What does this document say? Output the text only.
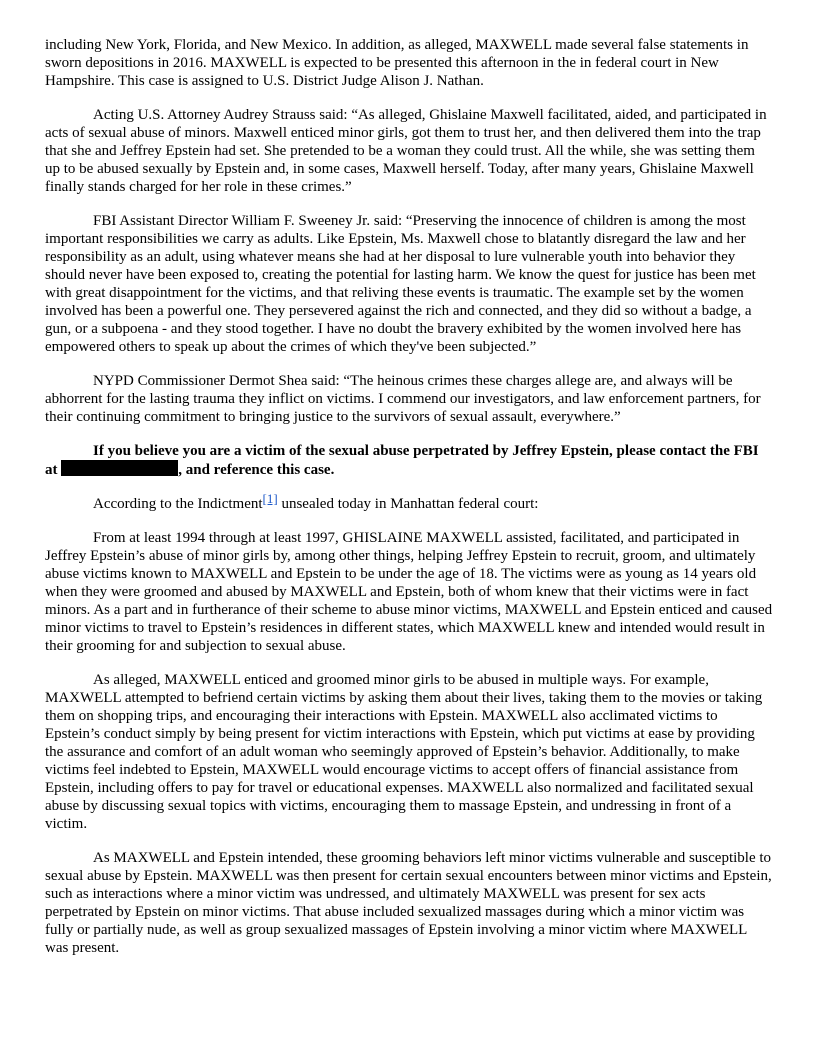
including New York, Florida, and New Mexico. In addition, as alleged, MAXWELL made several false statements in sworn depositions in 2016. MAXWELL is expected to be presented this afternoon in the in federal court in New Hampshire. This case is assigned to U.S. District Judge Alison J. Nathan.

Acting U.S. Attorney Audrey Strauss said: “As alleged, Ghislaine Maxwell facilitated, aided, and participated in acts of sexual abuse of minors. Maxwell enticed minor girls, got them to trust her, and then delivered them into the trap that she and Jeffrey Epstein had set. She pretended to be a woman they could trust. All the while, she was setting them up to be abused sexually by Epstein and, in some cases, Maxwell herself. Today, after many years, Ghislaine Maxwell finally stands charged for her role in these crimes.”

FBI Assistant Director William F. Sweeney Jr. said: “Preserving the innocence of children is among the most important responsibilities we carry as adults. Like Epstein, Ms. Maxwell chose to blatantly disregard the law and her responsibility as an adult, using whatever means she had at her disposal to lure vulnerable youth into behavior they should never have been exposed to, creating the potential for lasting harm. We know the quest for justice has been met with great disappointment for the victims, and that reliving these events is traumatic. The example set by the women involved has been a powerful one. They persevered against the rich and connected, and they did so without a badge, a gun, or a subpoena - and they stood together. I have no doubt the bravery exhibited by the women involved here has empowered others to speak up about the crimes of which they've been subjected.”

NYPD Commissioner Dermot Shea said: “The heinous crimes these charges allege are, and always will be abhorrent for the lasting trauma they inflict on victims. I commend our investigators, and law enforcement partners, for their continuing commitment to bringing justice to the survivors of sexual assault, everywhere.”

If you believe you are a victim of the sexual abuse perpetrated by Jeffrey Epstein, please contact the FBI at	, and reference this case.

According to the Indictment[1] unsealed today in Manhattan federal court:

From at least 1994 through at least 1997, GHISLAINE MAXWELL assisted, facilitated, and participated in Jeffrey Epstein’s abuse of minor girls by, among other things, helping Jeffrey Epstein to recruit, groom, and ultimately abuse victims known to MAXWELL and Epstein to be under the age of 18. The victims were as young as 14 years old when they were groomed and abused by MAXWELL and Epstein, both of whom knew that their victims were in fact minors. As a part and in furtherance of their scheme to abuse minor victims, MAXWELL and Epstein enticed and caused minor victims to travel to Epstein’s residences in different states, which MAXWELL knew and intended would result in their grooming for and subjection to sexual abuse.

As alleged, MAXWELL enticed and groomed minor girls to be abused in multiple ways. For example, MAXWELL attempted to befriend certain victims by asking them about their lives, taking them to the movies or taking them on shopping trips, and encouraging their interactions with Epstein. MAXWELL also acclimated victims to Epstein’s conduct simply by being present for victim interactions with Epstein, which put victims at ease by providing the assurance and comfort of an adult woman who seemingly approved of Epstein’s behavior. Additionally, to make victims feel indebted to Epstein, MAXWELL would encourage victims to accept offers of financial assistance from Epstein, including offers to pay for travel or educational expenses. MAXWELL also normalized and facilitated sexual abuse by discussing sexual topics with victims, encouraging them to massage Epstein, and undressing in front of a victim.

As MAXWELL and Epstein intended, these grooming behaviors left minor victims vulnerable and susceptible to sexual abuse by Epstein. MAXWELL was then present for certain sexual encounters between minor victims and Epstein, such as interactions where a minor victim was undressed, and ultimately MAXWELL was present for sex acts perpetrated by Epstein on minor victims. That abuse included sexualized massages during which a minor victim was fully or partially nude, as well as group sexualized massages of Epstein involving a minor victim where MAXWELL was present.
